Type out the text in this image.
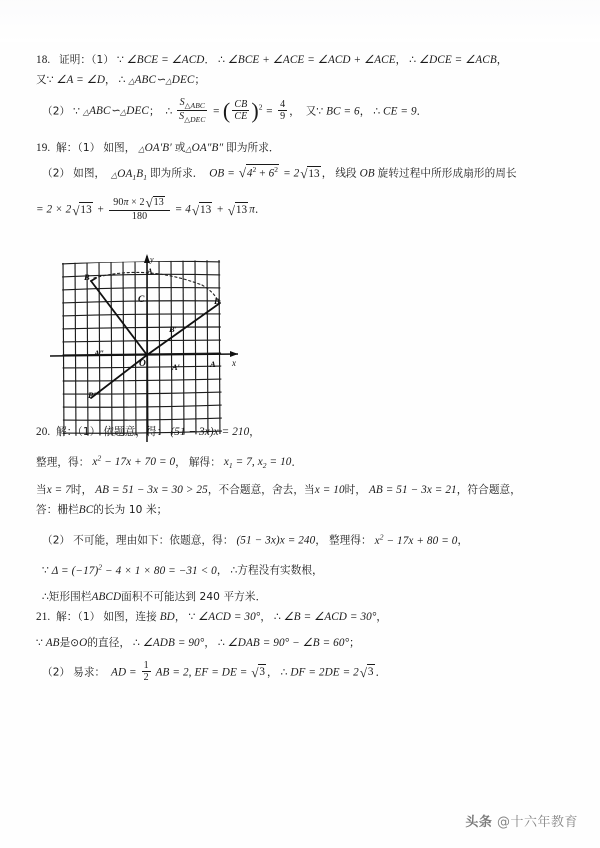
18. 证明：（1） ∵ ∠BCE = ∠ACD． ∴ ∠BCE + ∠ACE = ∠ACD + ∠ACE， ∴ ∠DCE = ∠ACB，
又∵ ∠A = ∠D， ∴ △ABC∽△DEC；
（2） ∵ △ABC∽△DEC； ∴ $\frac{S_{\triangle ABC}}{S_{\triangle DEC}}$ = ( $\frac{CB}{CE} )^2 = \frac{4}{9}$ ， 又∵ BC = 6， ∴ CE = 9．
19. 解：（1） 如图， △OA′B′ 或△OA″B″ 即为所求．
（2） 如图， $\triangle OA_1B_1$ 即为所求． OB = √ $4^2 + 6^2 = 2$ √ 13 ， 线段 OB 旋转过程中所形成扇形的周长
= 2 × 2 √ $13 + \frac{90\pi \times 2 √ 13}{180} = 4$ √ 13 + √ 13 π．
20. 解：（1） 依题意，得： (51 − 3x)x = 210，
整理，得： $x^2 - 17x + 70 = 0$， 解得： $x_1 = 7$, $x_2 = 10$．
当x = 7时， AB = 51 − 3x = 30 > 25，不合题意，舍去，当x = 10时， AB = 51 − 3x = 21，符合题意，
答：栅栏BC的长为 10 米；
（2） 不可能，理由如下：依题意，得： (51 − 3x)x = 240， 整理得： $x^2 - 17x + 80 = 0$，
∵ $\Delta = (-17)^2 - 4 \times 1 \times 80 = -31 < 0$， ∴方程没有实数根，
∴矩形围栏ABCD面积不可能达到 240 平方米．
21. 解：（1） 如图，连接 BD， ∵ ∠ACD = 30°， ∴ ∠B = ∠ACD = 30°，
∵ AB是⊙O的直径， ∴ ∠ADB = 90°， ∴ ∠DAB = 90° − ∠B = 60°；
（2） 易求： AD = $\frac{1}{2}$ AB = 2, EF = DE = √ 3 ， ∴ DF = 2DE = 2 √ 3 ．
B
C
A
B
B′
A″
A′	A
B″
O
y
x
头条 @十六年教育
